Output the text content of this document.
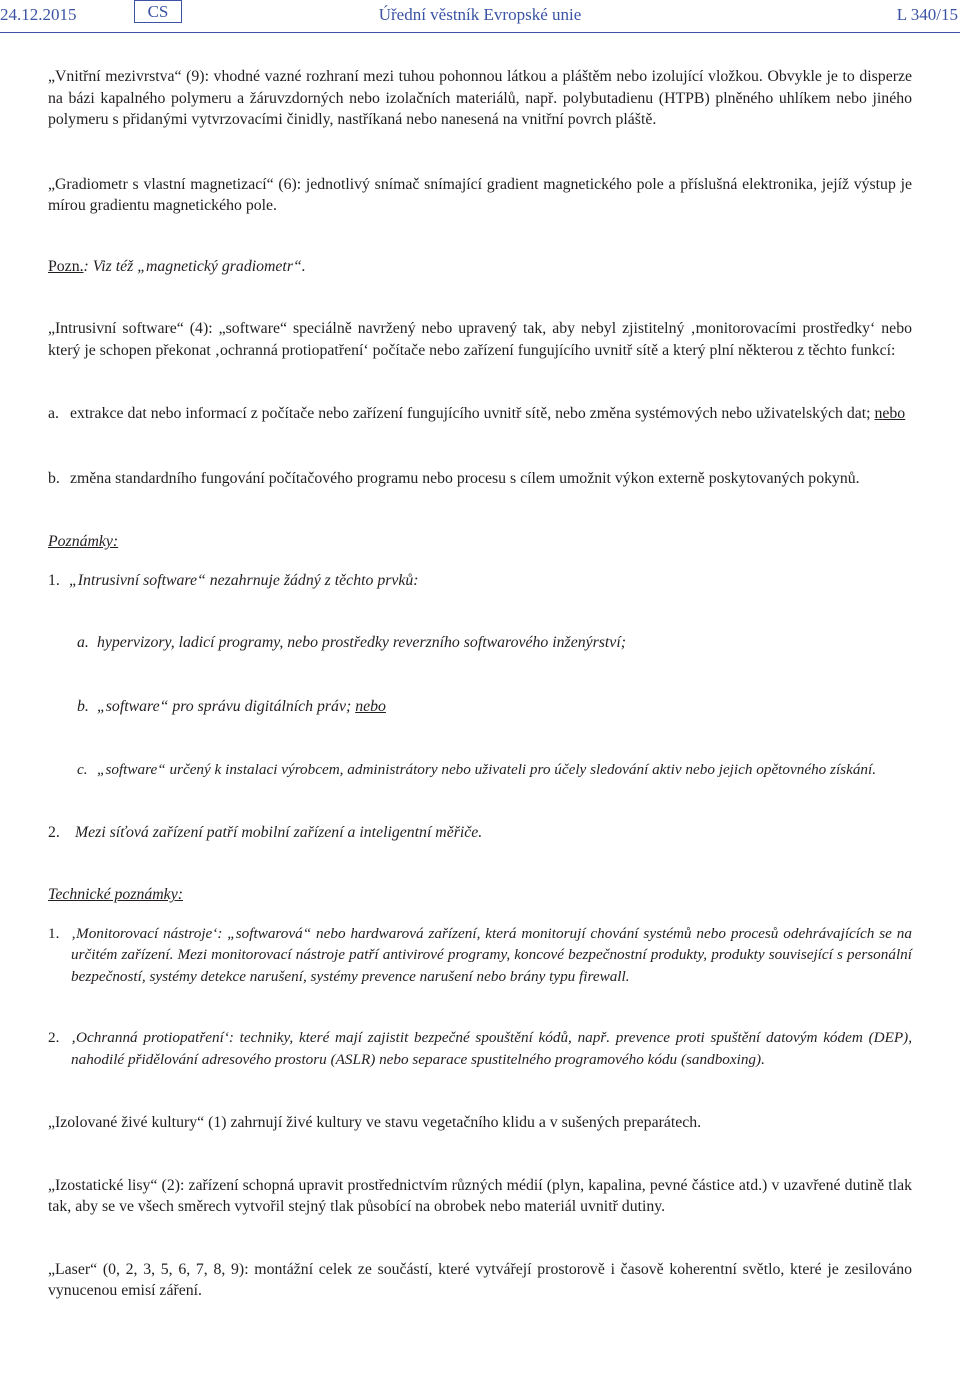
24.12.2015	CS	Úřední věstník Evropské unie	L 340/15

„Vnitřní mezivrstva“ (9): vhodné vazné rozhraní mezi tuhou pohonnou látkou a pláštěm nebo izolující vložkou. Obvykle je to disperze na bázi kapalného polymeru a žáruvzdorných nebo izolačních materiálů, např. polybutadienu (HTPB) plněného uhlíkem nebo jiného polymeru s přidanými vytvrzovacími činidly, nastříkaná nebo nanesená na vnitřní povrch pláště.

„Gradiometr s vlastní magnetizací“ (6): jednotlivý snímač snímající gradient magnetického pole a příslušná elektronika, jejíž výstup je mírou gradientu magnetického pole.

Pozn.: Viz též „magnetický gradiometr“.

„Intrusivní software“ (4): „software“ speciálně navržený nebo upravený tak, aby nebyl zjistitelný ‚monitorovacími prostředky‘ nebo který je schopen překonat ‚ochranná protiopatření‘ počítače nebo zařízení fungujícího uvnitř sítě a který plní některou z těchto funkcí:

a. extrakce dat nebo informací z počítače nebo zařízení fungujícího uvnitř sítě, nebo změna systémových nebo uživatelských dat; nebo

b. změna standardního fungování počítačového programu nebo procesu s cílem umožnit výkon externě poskytovaných pokynů.

Poznámky:

1. „Intrusivní software“ nezahrnuje žádný z těchto prvků:

a. hypervizory, ladicí programy, nebo prostředky reverzního softwarového inženýrství;

b. „software“ pro správu digitálních práv; nebo

c. „software“ určený k instalaci výrobcem, administrátory nebo uživateli pro účely sledování aktiv nebo jejich opětovného získání.

2. Mezi síťová zařízení patří mobilní zařízení a inteligentní měřiče.

Technické poznámky:

1. ‚Monitorovací nástroje‘: „softwarová“ nebo hardwarová zařízení, která monitorují chování systémů nebo procesů odehrávajících se na určitém zařízení. Mezi monitorovací nástroje patří antivirové programy, koncové bezpečnostní produkty, produkty související s personální bezpečností, systémy detekce narušení, systémy prevence narušení nebo brány typu firewall.

2. ‚Ochranná protiopatření‘: techniky, které mají zajistit bezpečné spouštění kódů, např. prevence proti spuštění datovým kódem (DEP), nahodilé přidělování adresového prostoru (ASLR) nebo separace spustitelného programového kódu (sandboxing).

„Izolované živé kultury“ (1) zahrnují živé kultury ve stavu vegetačního klidu a v sušených preparátech.

„Izostatické lisy“ (2): zařízení schopná upravit prostřednictvím různých médií (plyn, kapalina, pevné částice atd.) v uzavřené dutině tlak tak, aby se ve všech směrech vytvořil stejný tlak působící na obrobek nebo materiál uvnitř dutiny.

„Laser“ (0, 2, 3, 5, 6, 7, 8, 9): montážní celek ze součástí, které vytvářejí prostorově i časově koherentní světlo, které je zesilováno vynucenou emisí záření.
